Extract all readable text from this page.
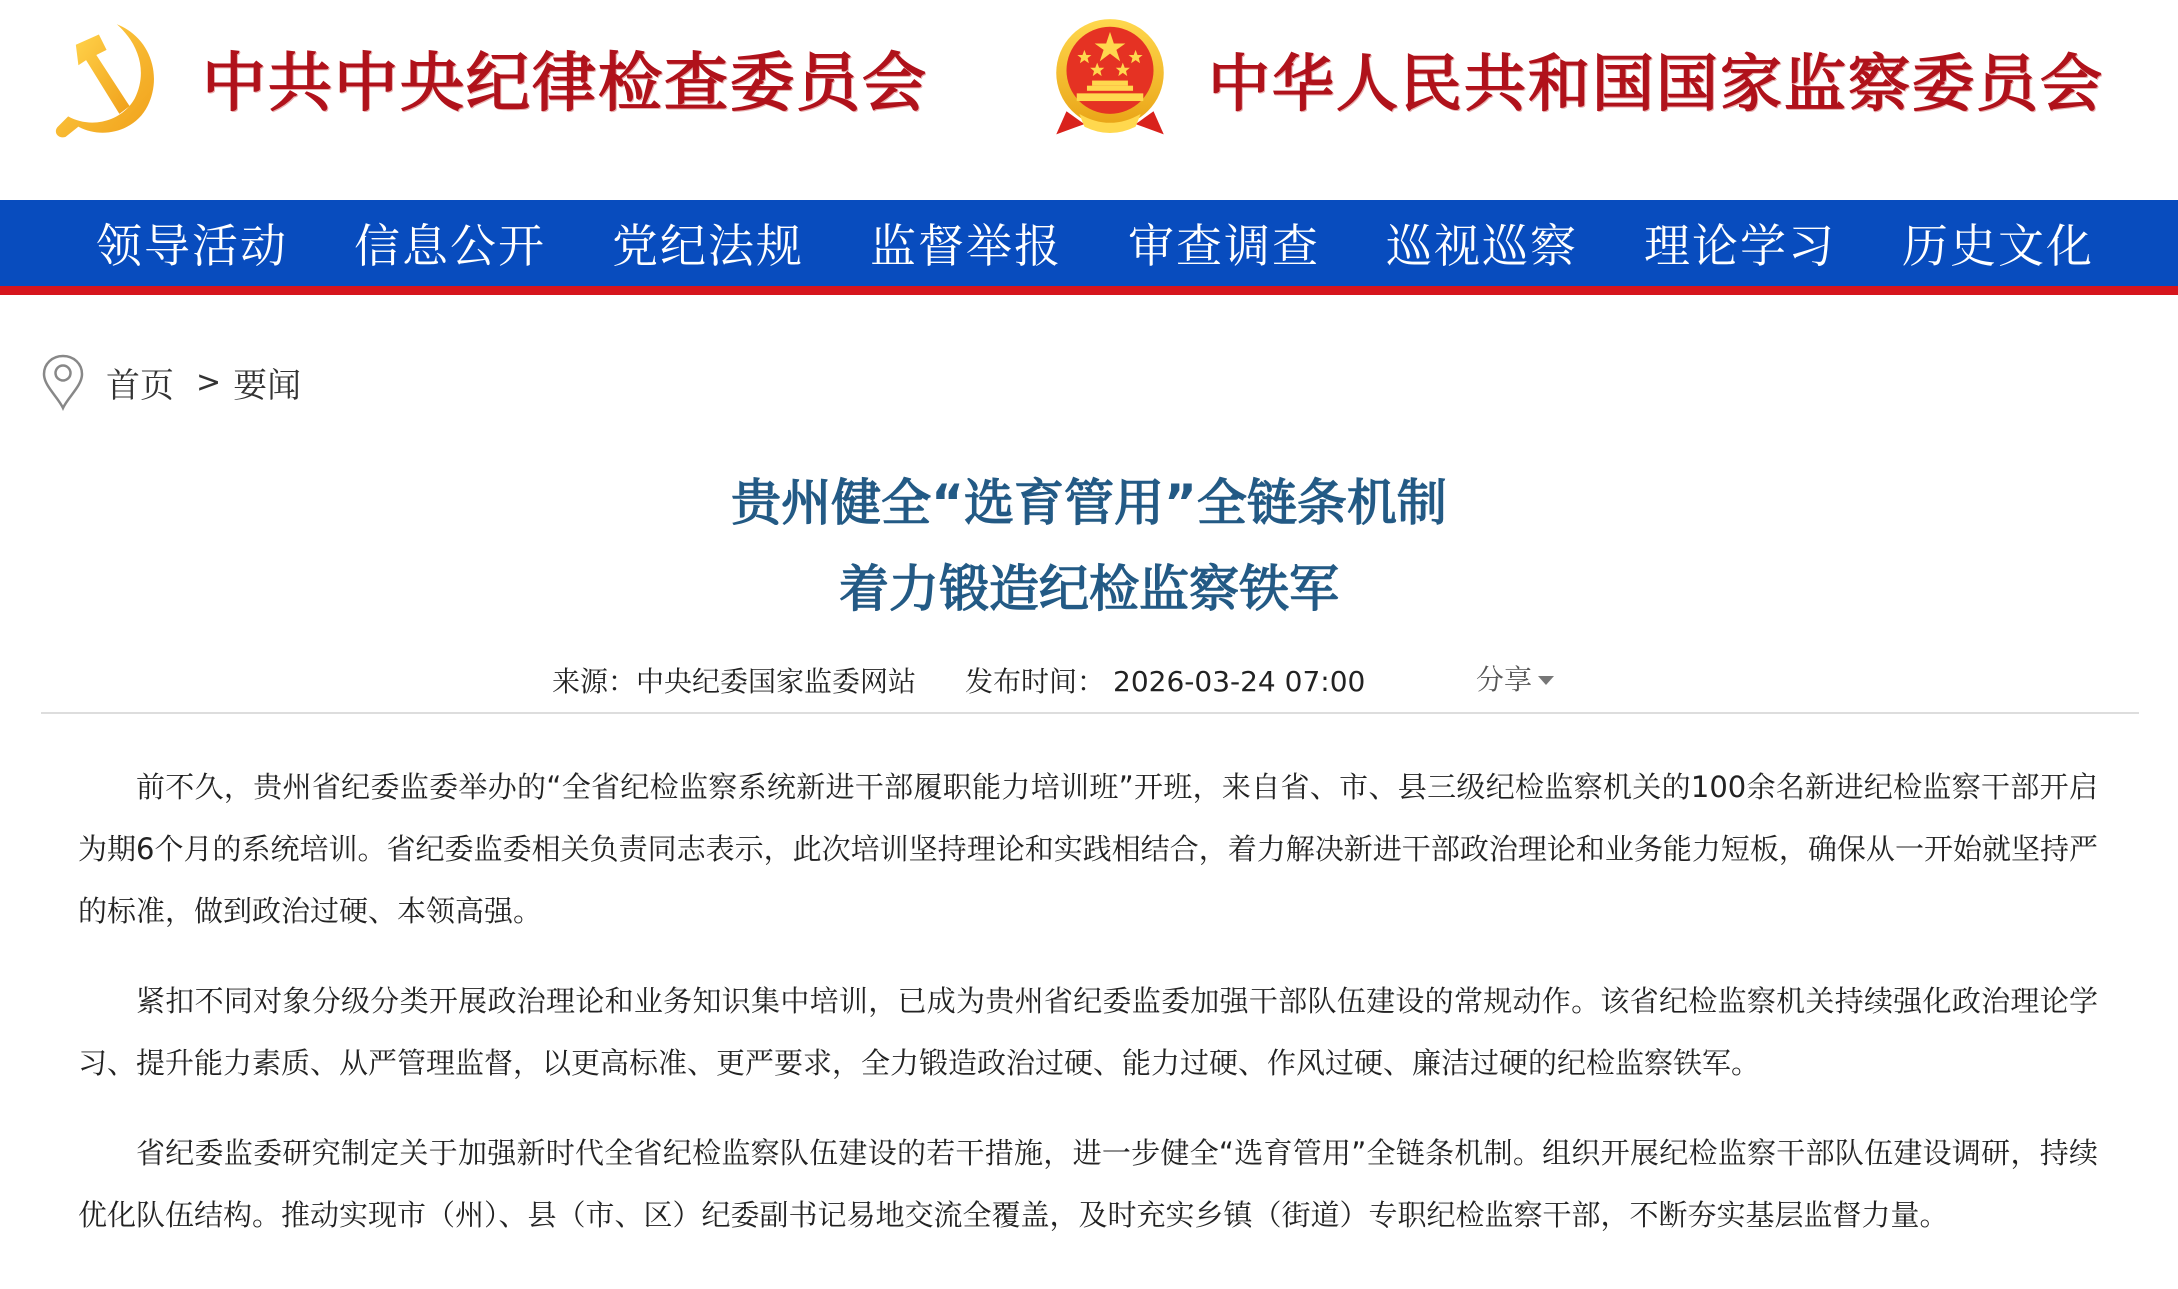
中共中央纪律检查委员会	中华人民共和国国家监察委员会
领导活动	信息公开	党纪法规	监督举报	审查调查	巡视巡察	理论学习	历史文化
首页 > 要闻
贵州健全“选育管用”全链条机制
着力锻造纪检监察铁军
来源：中央纪委国家监委网站 发布时间： 2026-03-24 07:00	分享

前不久，贵州省纪委监委举办的“全省纪检监察系统新进干部履职能力培训班”开班，来自省、市、县三级纪检监察机关的100余名新进纪检监察干部开启为期6个月的系统培训。省纪委监委相关负责同志表示，此次培训坚持理论和实践相结合，着力解决新进干部政治理论和业务能力短板，确保从一开始就坚持严的标准，做到政治过硬、本领高强。

紧扣不同对象分级分类开展政治理论和业务知识集中培训，已成为贵州省纪委监委加强干部队伍建设的常规动作。该省纪检监察机关持续强化政治理论学习、提升能力素质、从严管理监督，以更高标准、更严要求，全力锻造政治过硬、能力过硬、作风过硬、廉洁过硬的纪检监察铁军。

省纪委监委研究制定关于加强新时代全省纪检监察队伍建设的若干措施，进一步健全“选育管用”全链条机制。组织开展纪检监察干部队伍建设调研，持续优化队伍结构。推动实现市（州）、县（市、区）纪委副书记易地交流全覆盖，及时充实乡镇（街道）专职纪检监察干部，不断夯实基层监督力量。
